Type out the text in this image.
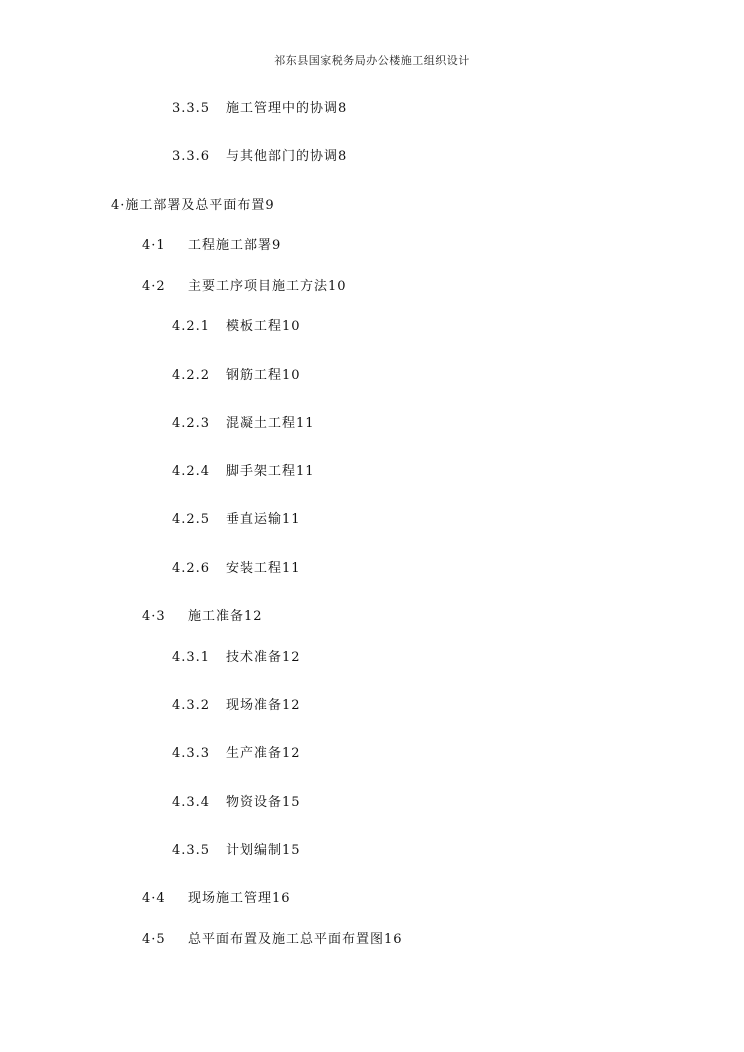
祁东县国家税务局办公楼施工组织设计
3.3.5 施工管理中的协调8
3.3.6 与其他部门的协调8
4·施工部署及总平面布置9
4·1 工程施工部署9
4·2 主要工序项目施工方法10
4.2.1 模板工程10
4.2.2 钢筋工程10
4.2.3 混凝土工程11
4.2.4 脚手架工程11
4.2.5 垂直运输11
4.2.6 安装工程11
4·3 施工准备12
4.3.1 技术准备12
4.3.2 现场准备12
4.3.3 生产准备12
4.3.4 物资设备15
4.3.5 计划编制15
4·4 现场施工管理16
4·5 总平面布置及施工总平面布置图16
